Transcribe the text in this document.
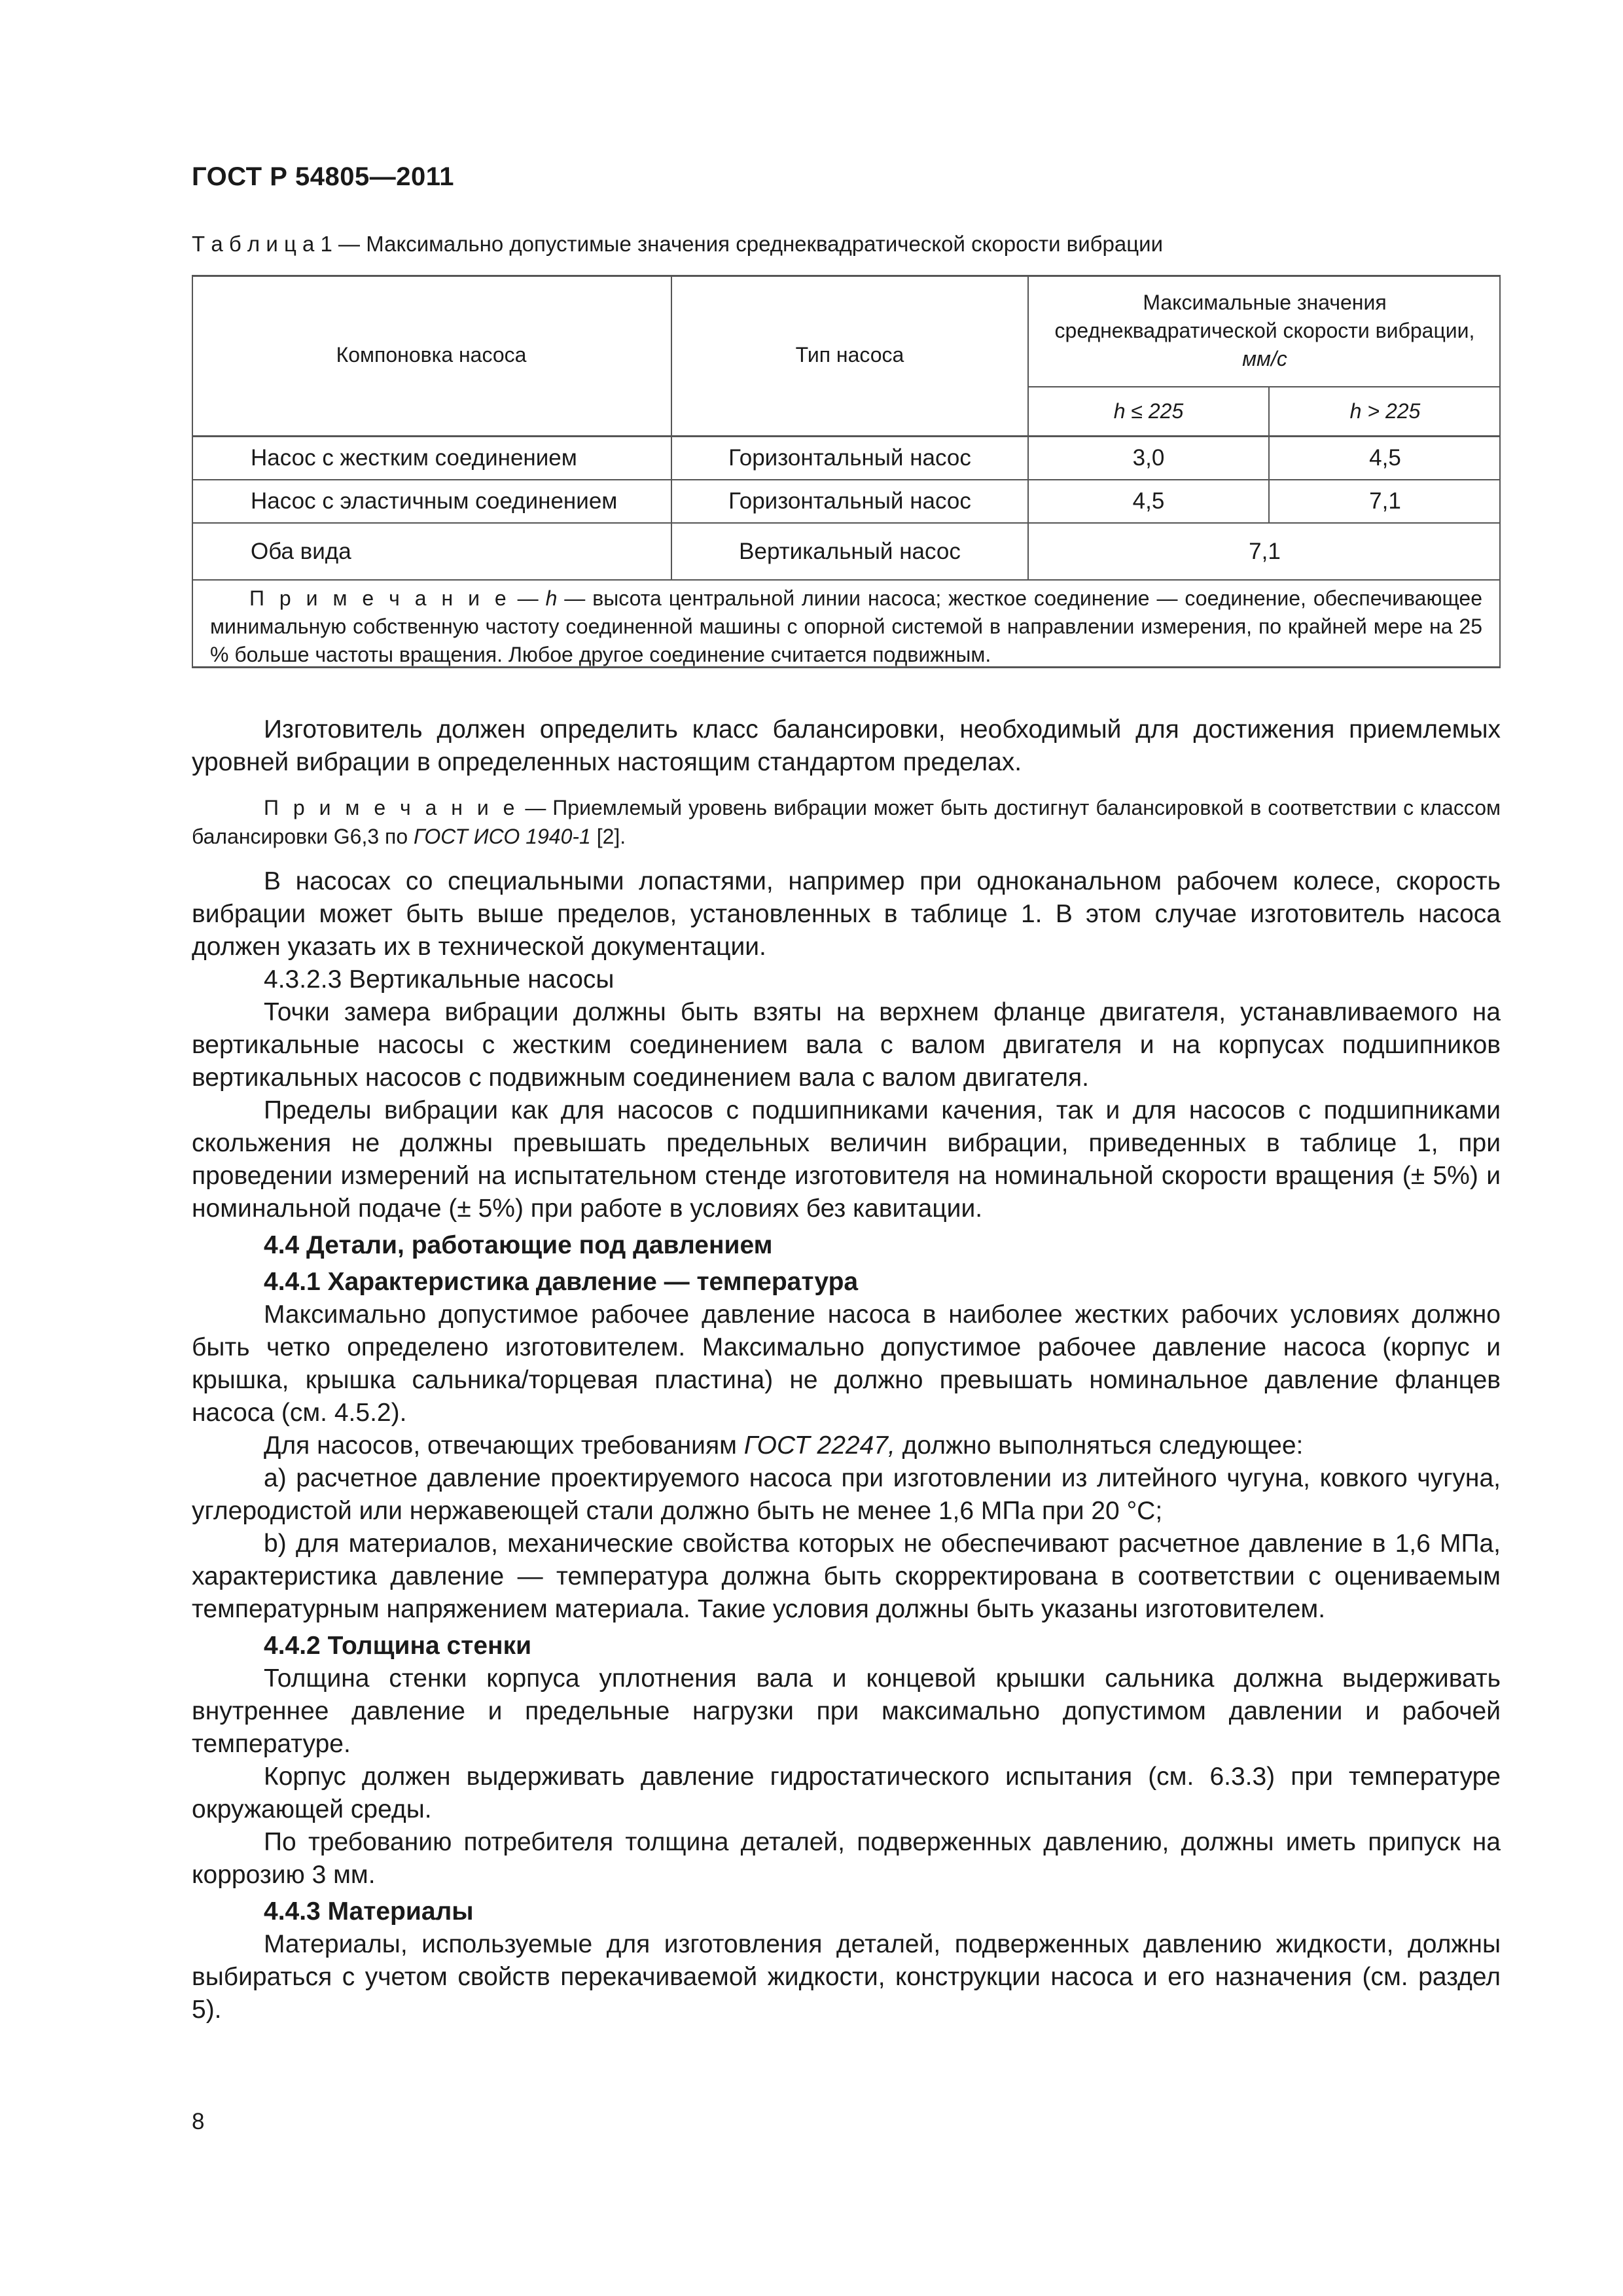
ГОСТ Р 54805—2011
Т а б л и ц а 1 — Максимально допустимые значения среднеквадратической скорости вибрации
Компоновка насоса	Тип насоса
Максимальные значения среднеквадратической скорости вибрации,
мм/с
h ≤ 225	h > 225
Насос с жестким соединением	Горизонтальный насос	3,0	4,5
Насос с эластичным соединением	Горизонтальный насос	4,5	7,1
Оба вида	Вертикальный насос	7,1
П р и м е ч а н и е — h — высота центральной линии насоса; жесткое соединение — соединение, обеспечивающее минимальную собственную частоту соединенной машины с опорной системой в направлении измерения, по крайней мере на 25 % больше частоты вращения. Любое другое соединение считается подвижным.

Изготовитель должен определить класс балансировки, необходимый для достижения приемлемых уровней вибрации в определенных настоящим стандартом пределах.

П р и м е ч а н и е — Приемлемый уровень вибрации может быть достигнут балансировкой в соответствии с классом балансировки G6,3 по ГОСТ ИСО 1940-1 [2].

В насосах со специальными лопастями, например при одноканальном рабочем колесе, скорость вибрации может быть выше пределов, установленных в таблице 1. В этом случае изготовитель насоса должен указать их в технической документации.

4.3.2.3 Вертикальные насосы

Точки замера вибрации должны быть взяты на верхнем фланце двигателя, устанавливаемого на вертикальные насосы с жестким соединением вала с валом двигателя и на корпусах подшипников вертикальных насосов с подвижным соединением вала с валом двигателя.

Пределы вибрации как для насосов с подшипниками качения, так и для насосов с подшипниками скольжения не должны превышать предельных величин вибрации, приведенных в таблице 1, при проведении измерений на испытательном стенде изготовителя на номинальной скорости вращения (± 5%) и номинальной подаче (± 5%) при работе в условиях без кавитации.

4.4 Детали, работающие под давлением

4.4.1 Характеристика давление — температура

Максимально допустимое рабочее давление насоса в наиболее жестких рабочих условиях должно быть четко определено изготовителем. Максимально допустимое рабочее давление насоса (корпус и крышка, крышка сальника/торцевая пластина) не должно превышать номинальное давление фланцев насоса (см. 4.5.2).

Для насосов, отвечающих требованиям ГОСТ 22247, должно выполняться следующее:

a) расчетное давление проектируемого насоса при изготовлении из литейного чугуна, ковкого чугуна, углеродистой или нержавеющей стали должно быть не менее 1,6 МПа при 20 °С;

b) для материалов, механические свойства которых не обеспечивают расчетное давление в 1,6 МПа, характеристика давление — температура должна быть скорректирована в соответствии с оцениваемым температурным напряжением материала. Такие условия должны быть указаны изготовителем.

4.4.2 Толщина стенки

Толщина стенки корпуса уплотнения вала и концевой крышки сальника должна выдерживать внутреннее давление и предельные нагрузки при максимально допустимом давлении и рабочей температуре.

Корпус должен выдерживать давление гидростатического испытания (см. 6.3.3) при температуре окружающей среды.

По требованию потребителя толщина деталей, подверженных давлению, должны иметь припуск на коррозию 3 мм.

4.4.3 Материалы

Материалы, используемые для изготовления деталей, подверженных давлению жидкости, должны выбираться с учетом свойств перекачиваемой жидкости, конструкции насоса и его назначения (см. раздел 5).

8
